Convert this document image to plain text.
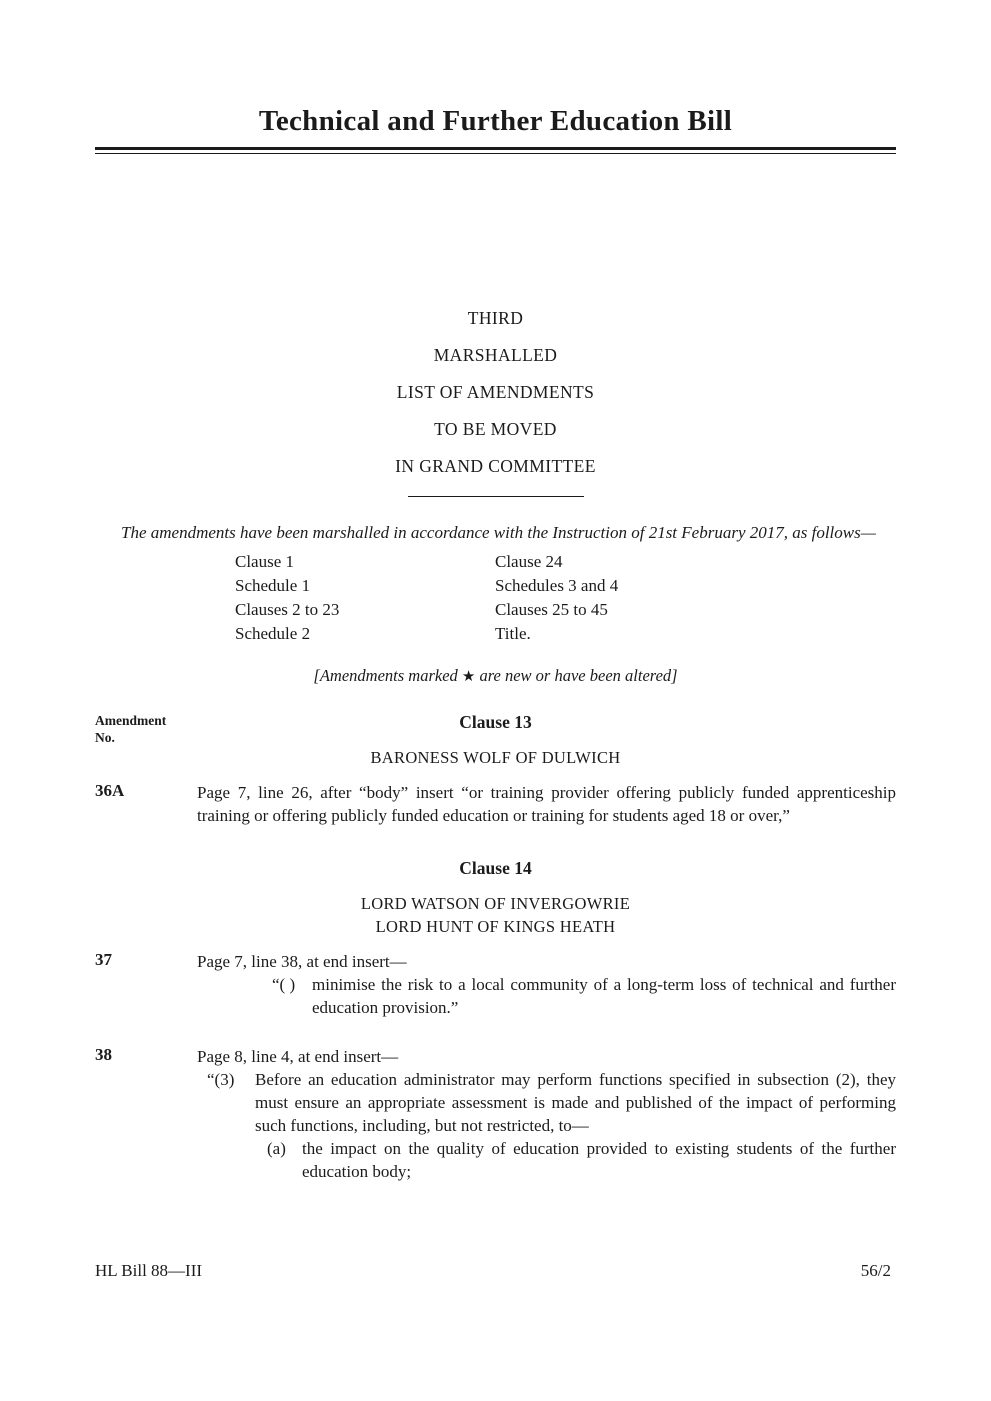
Technical and Further Education Bill
THIRD
MARSHALLED
LIST OF AMENDMENTS
TO BE MOVED
IN GRAND COMMITTEE

The amendments have been marshalled in accordance with the Instruction of 21st February 2017, as follows—

Clause 1
Schedule 1
Clauses 2 to 23
Schedule 2
Clause 24
Schedules 3 and 4
Clauses 25 to 45
Title.

[Amendments marked ★ are new or have been altered]

Amendment
No.
Clause 13
BARONESS WOLF OF DULWICH
36A	Page 7, line 26, after “body” insert “or training provider offering publicly funded apprenticeship training or offering publicly funded education or training for students aged 18 or over,”

Clause 14
LORD WATSON OF INVERGOWRIE
LORD HUNT OF KINGS HEATH
37	Page 7, line 38, at end insert—

“( ) minimise the risk to a local community of a long-term loss of technical and further education provision.”
38	Page 8, line 4, at end insert—

“(3)	Before an education administrator may perform functions specified in subsection (2), they must ensure an appropriate assessment is made and published of the impact of performing such functions, including, but not restricted, to—
(a) the impact on the quality of education provided to existing students of the further education body;
HL Bill 88—III	56/2
